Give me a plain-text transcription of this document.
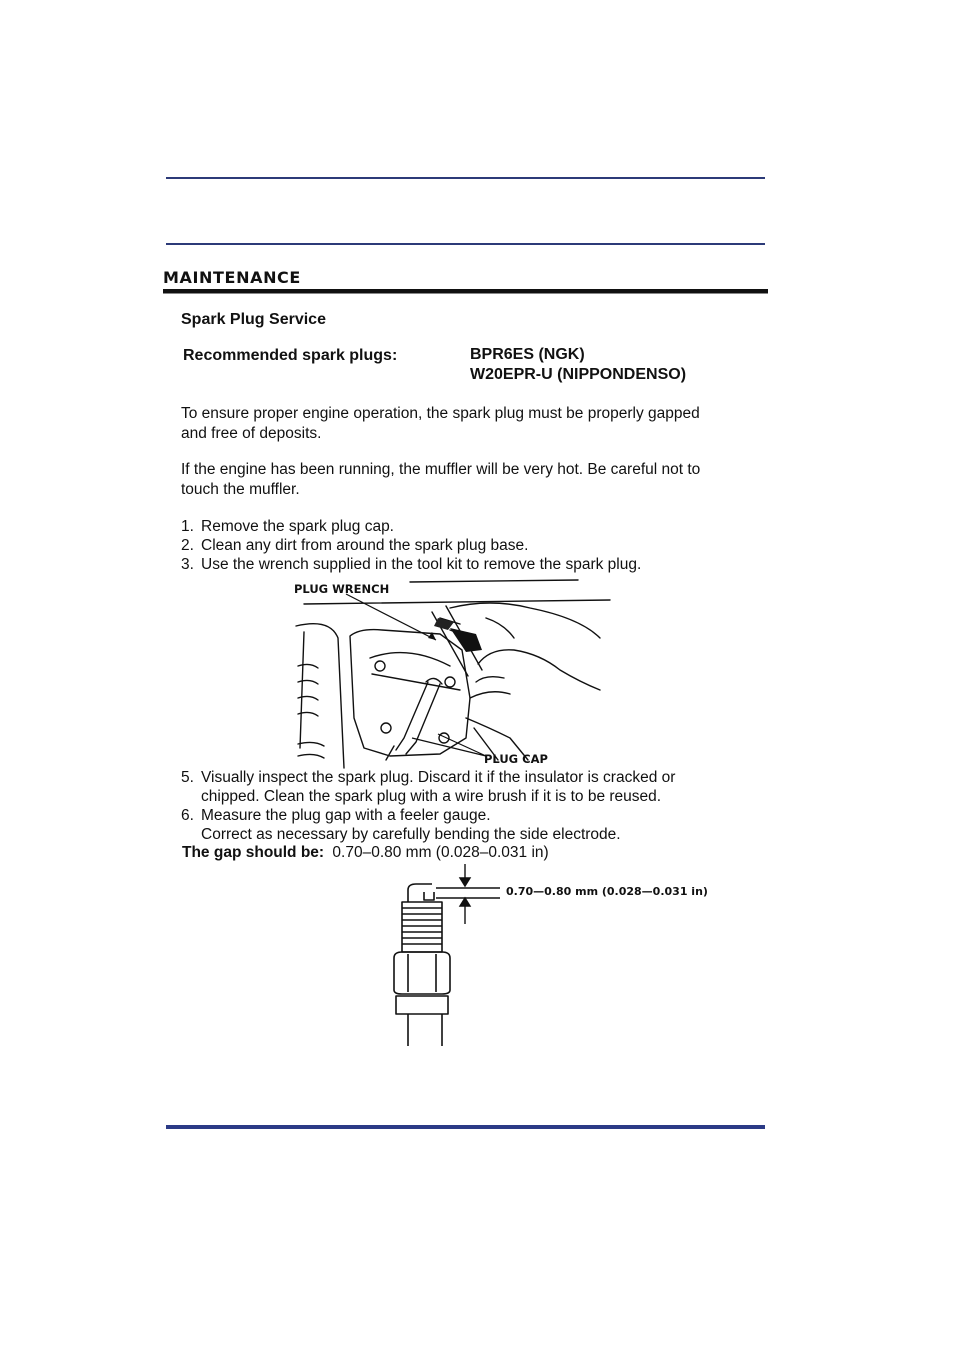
MAINTENANCE
Spark Plug Service
Recommended spark plugs:	BPR6ES (NGK)
W20EPR-U (NIPPONDENSO)
To ensure proper engine operation, the spark plug must be properly gapped
and free of deposits.
If the engine has been running, the muffler will be very hot. Be careful not to
touch the muffler.
1. Remove the spark plug cap.
2. Clean any dirt from around the spark plug base.
3. Use the wrench supplied in the tool kit to remove the spark plug.
PLUG WRENCH
PLUG CAP
5. Visually inspect the spark plug. Discard it if the insulator is cracked or
chipped. Clean the spark plug with a wire brush if it is to be reused.
6. Measure the plug gap with a feeler gauge.
Correct as necessary by carefully bending the side electrode.
The gap should be: 0.70–0.80 mm (0.028–0.031 in)
0.70—0.80 mm (0.028—0.031 in)
